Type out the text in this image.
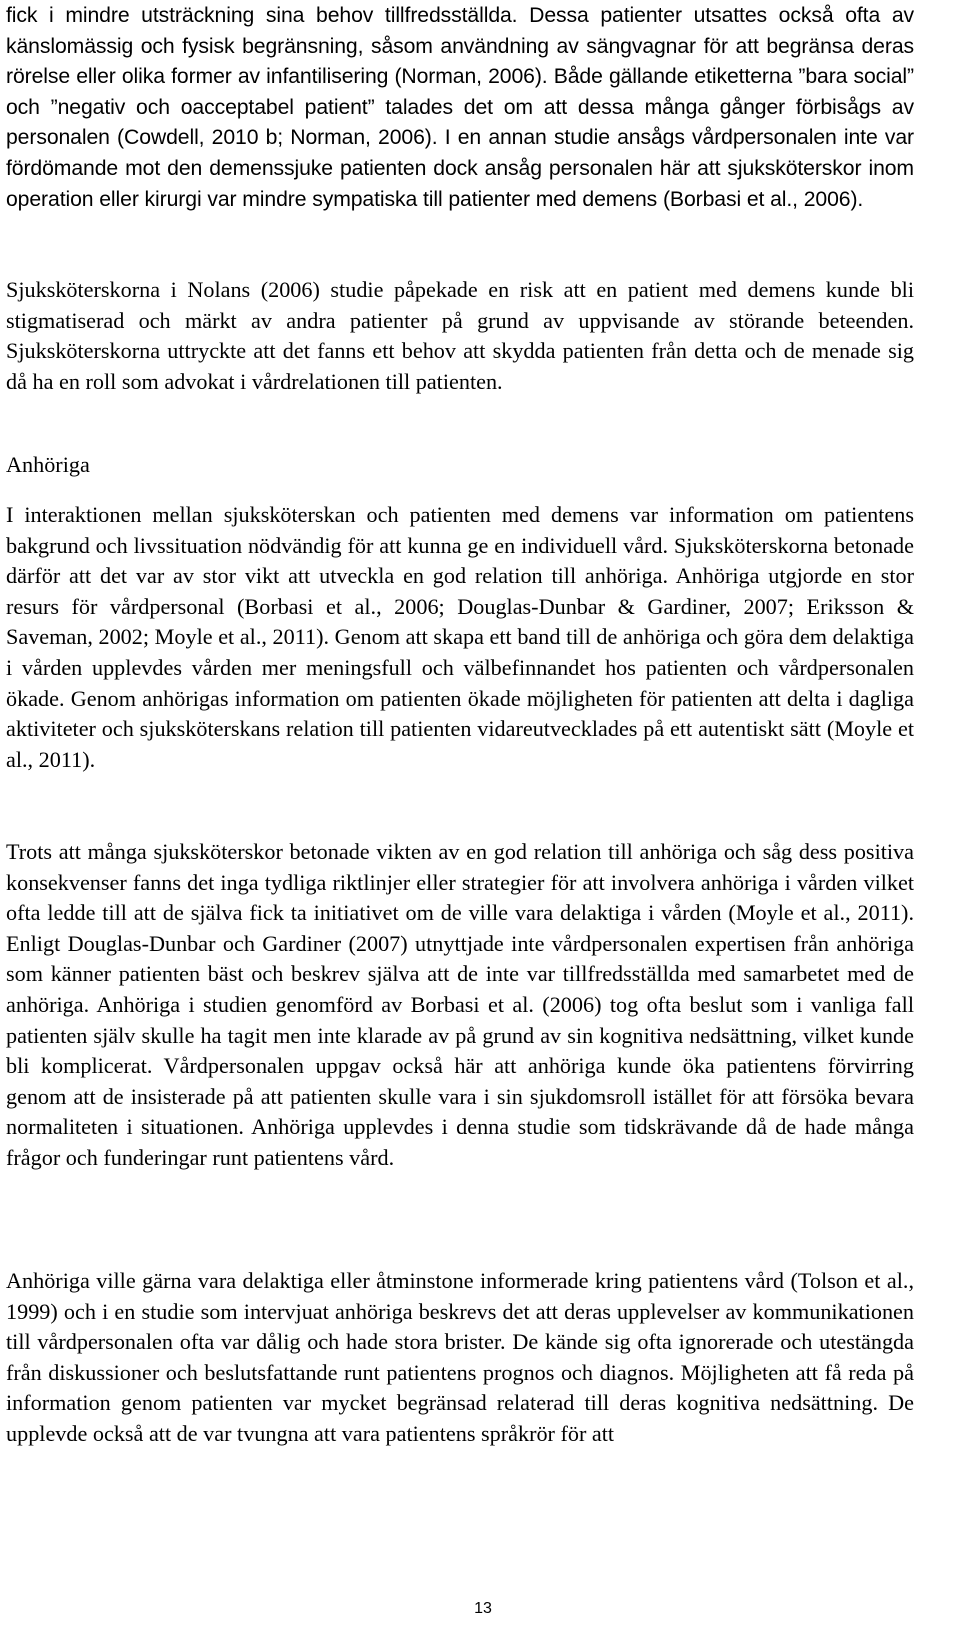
fick i mindre utsträckning sina behov tillfredsställda. Dessa patienter utsattes också ofta av känslomässig och fysisk begränsning, såsom användning av sängvagnar för att begränsa deras rörelse eller olika former av infantilisering (Norman, 2006). Både gällande etiketterna ”bara social” och ”negativ och oacceptabel patient” talades det om att dessa många gånger förbisågs av personalen (Cowdell, 2010 b; Norman, 2006). I en annan studie ansågs vårdpersonalen inte var fördömande mot den demenssjuke patienten dock ansåg personalen här att sjuksköterskor inom operation eller kirurgi var mindre sympatiska till patienter med demens (Borbasi et al., 2006).

Sjuksköterskorna i Nolans (2006) studie påpekade en risk att en patient med demens kunde bli stigmatiserad och märkt av andra patienter på grund av uppvisande av störande beteenden. Sjuksköterskorna uttryckte att det fanns ett behov att skydda patienten från detta och de menade sig då ha en roll som advokat i vårdrelationen till patienten.

Anhöriga

I interaktionen mellan sjuksköterskan och patienten med demens var information om patientens bakgrund och livssituation nödvändig för att kunna ge en individuell vård. Sjuksköterskorna betonade därför att det var av stor vikt att utveckla en god relation till anhöriga. Anhöriga utgjorde en stor resurs för vårdpersonal (Borbasi et al., 2006; Douglas-Dunbar & Gardiner, 2007; Eriksson & Saveman, 2002; Moyle et al., 2011). Genom att skapa ett band till de anhöriga och göra dem delaktiga i vården upplevdes vården mer meningsfull och välbefinnandet hos patienten och vårdpersonalen ökade. Genom anhörigas information om patienten ökade möjligheten för patienten att delta i dagliga aktiviteter och sjuksköterskans relation till patienten vidareutvecklades på ett autentiskt sätt (Moyle et al., 2011).

Trots att många sjuksköterskor betonade vikten av en god relation till anhöriga och såg dess positiva konsekvenser fanns det inga tydliga riktlinjer eller strategier för att involvera anhöriga i vården vilket ofta ledde till att de själva fick ta initiativet om de ville vara delaktiga i vården (Moyle et al., 2011). Enligt Douglas-Dunbar och Gardiner (2007) utnyttjade inte vårdpersonalen expertisen från anhöriga som känner patienten bäst och beskrev själva att de inte var tillfredsställda med samarbetet med de anhöriga. Anhöriga i studien genomförd av Borbasi et al. (2006) tog ofta beslut som i vanliga fall patienten själv skulle ha tagit men inte klarade av på grund av sin kognitiva nedsättning, vilket kunde bli komplicerat. Vårdpersonalen uppgav också här att anhöriga kunde öka patientens förvirring genom att de insisterade på att patienten skulle vara i sin sjukdomsroll istället för att försöka bevara normaliteten i situationen. Anhöriga upplevdes i denna studie som tidskrävande då de hade många frågor och funderingar runt patientens vård.

Anhöriga ville gärna vara delaktiga eller åtminstone informerade kring patientens vård (Tolson et al., 1999) och i en studie som intervjuat anhöriga beskrevs det att deras upplevelser av kommunikationen till vårdpersonalen ofta var dålig och hade stora brister. De kände sig ofta ignorerade och utestängda från diskussioner och beslutsfattande runt patientens prognos och diagnos. Möjligheten att få reda på information genom patienten var mycket begränsad relaterad till deras kognitiva nedsättning. De upplevde också att de var tvungna att vara patientens språkrör för att

13
